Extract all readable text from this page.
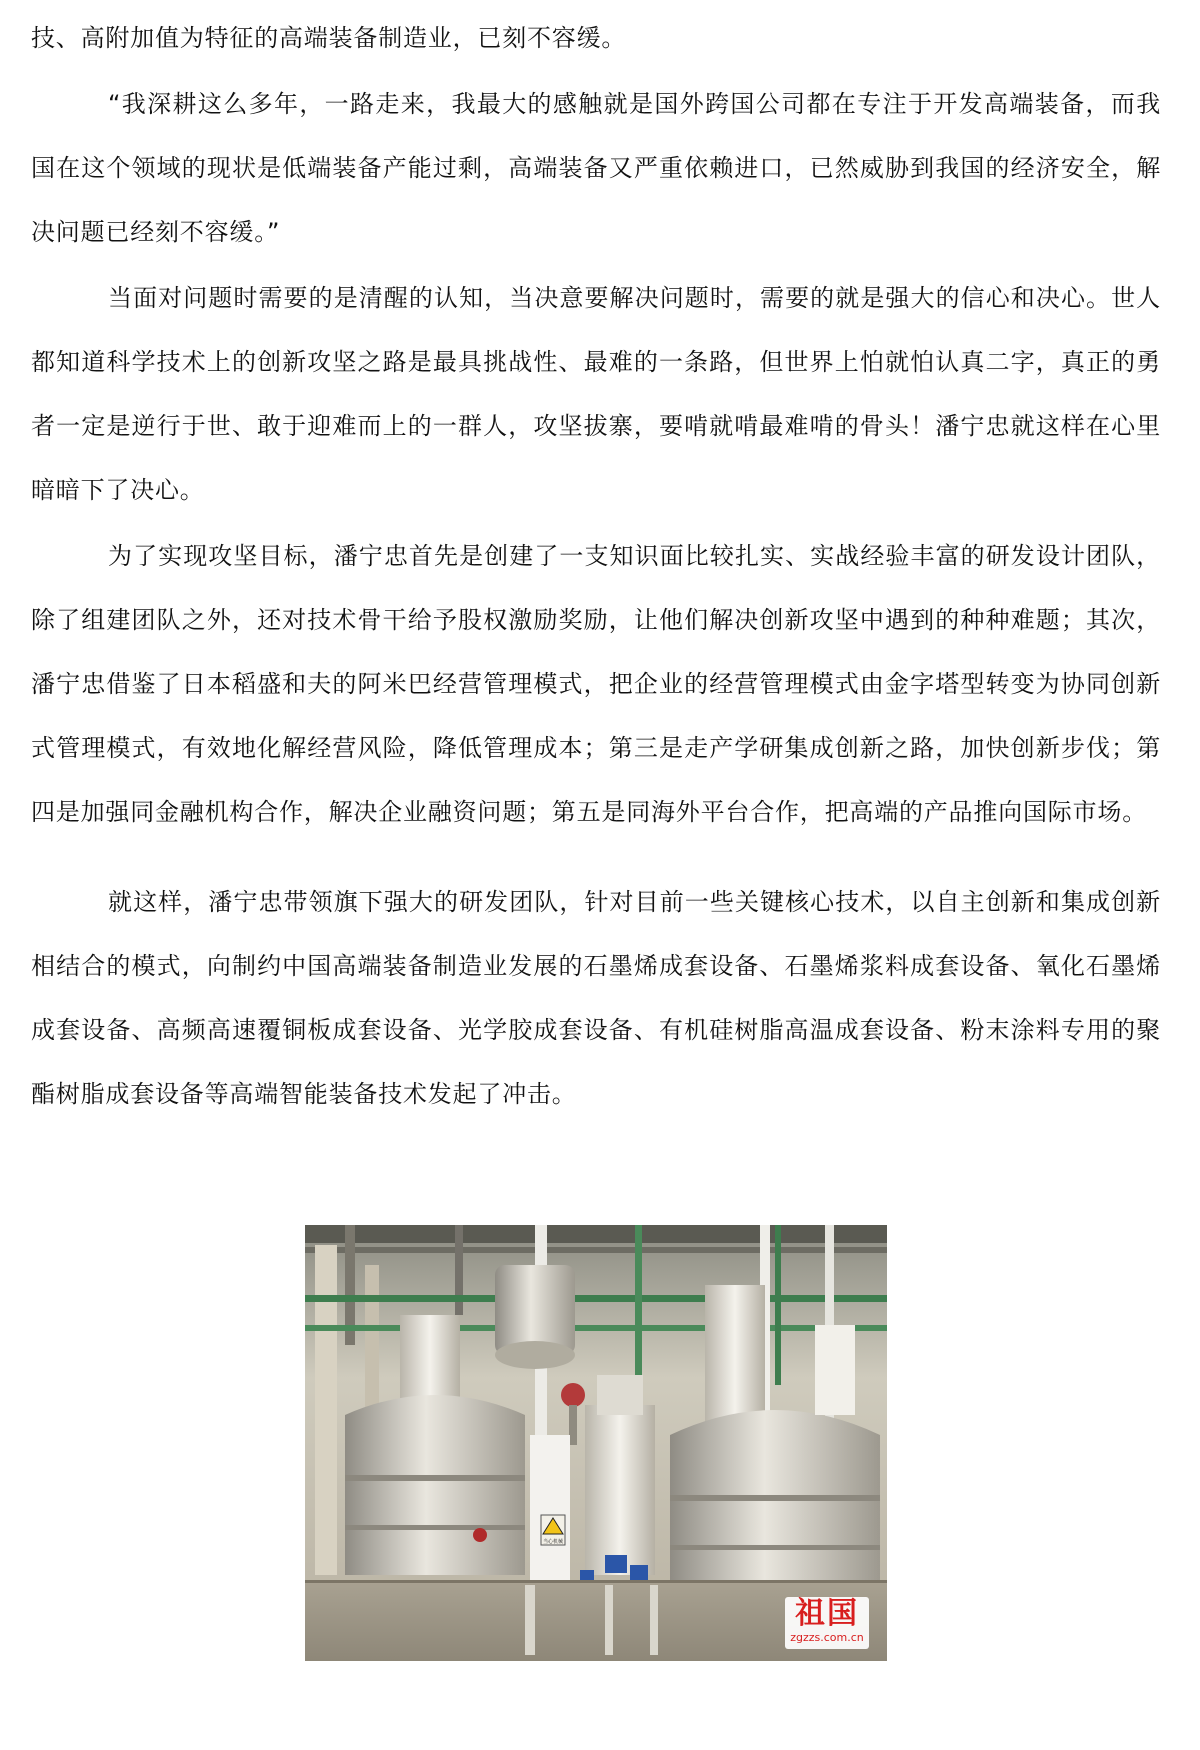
技、高附加值为特征的高端装备制造业，已刻不容缓。

“我深耕这么多年，一路走来，我最大的感触就是国外跨国公司都在专注于开发高端装备，而我国在这个领域的现状是低端装备产能过剩，高端装备又严重依赖进口，已然威胁到我国的经济安全，解决问题已经刻不容缓。”

当面对问题时需要的是清醒的认知，当决意要解决问题时，需要的就是强大的信心和决心。世人都知道科学技术上的创新攻坚之路是最具挑战性、最难的一条路，但世界上怕就怕认真二字，真正的勇者一定是逆行于世、敢于迎难而上的一群人，攻坚拔寨，要啃就啃最难啃的骨头！潘宁忠就这样在心里暗暗下了决心。

为了实现攻坚目标，潘宁忠首先是创建了一支知识面比较扎实、实战经验丰富的研发设计团队，除了组建团队之外，还对技术骨干给予股权激励奖励，让他们解决创新攻坚中遇到的种种难题；其次，潘宁忠借鉴了日本稻盛和夫的阿米巴经营管理模式，把企业的经营管理模式由金字塔型转变为协同创新式管理模式，有效地化解经营风险，降低管理成本；第三是走产学研集成创新之路，加快创新步伐；第四是加强同金融机构合作，解决企业融资问题；第五是同海外平台合作，把高端的产品推向国际市场。

就这样，潘宁忠带领旗下强大的研发团队，针对目前一些关键核心技术，以自主创新和集成创新相结合的模式，向制约中国高端装备制造业发展的石墨烯成套设备、石墨烯浆料成套设备、氧化石墨烯成套设备、高频高速覆铜板成套设备、光学胶成套设备、有机硅树脂高温成套设备、粉末涂料专用的聚酯树脂成套设备等高端智能装备技术发起了冲击。

当心机械
祖国
zgzzs.com.cn
